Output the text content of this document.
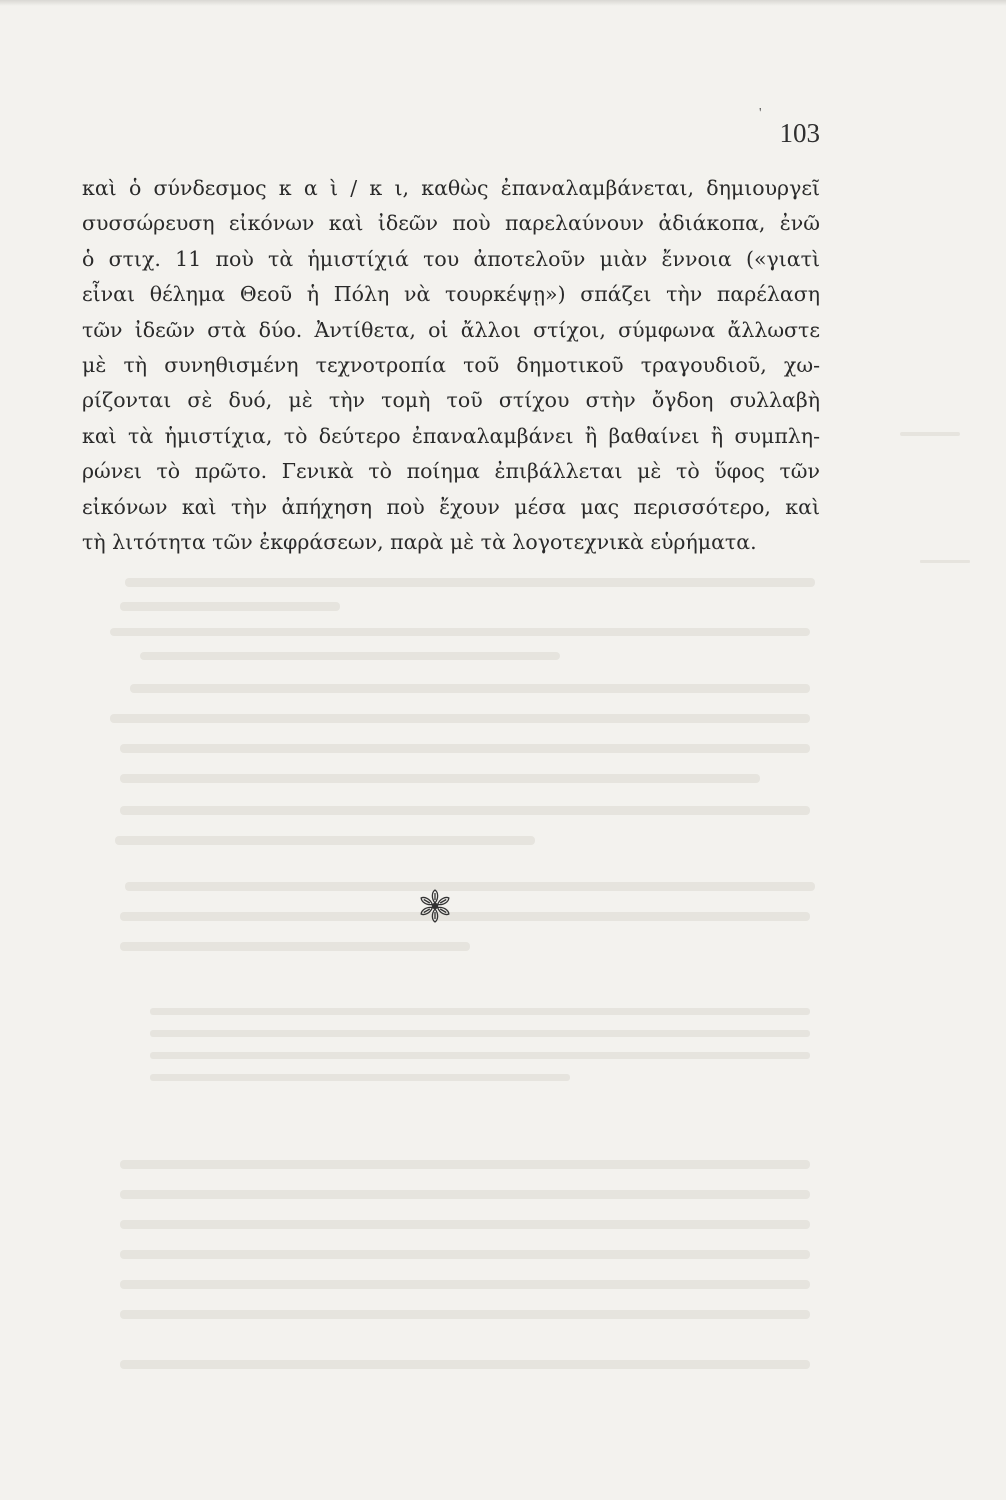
'
103
καὶ ὁ σύνδεσμος κ α ὶ / κ ι, καθὼς ἐπαναλαμβάνεται, δημιουργεῖ
συσσώρευση εἰκόνων καὶ ἰδεῶν ποὺ παρελαύνουν ἀδιάκοπα, ἐνῶ
ὁ στιχ. 11 ποὺ τὰ ἡμιστίχιά του ἀποτελοῦν μιὰν ἔννοια («γιατὶ
εἶναι θέλημα Θεοῦ ἡ Πόλη νὰ τουρκέψῃ») σπάζει τὴν παρέλαση
τῶν ἰδεῶν στὰ δύο. Ἀντίθετα, οἱ ἄλλοι στίχοι, σύμφωνα ἄλλωστε
μὲ τὴ συνηθισμένη τεχνοτροπία τοῦ δημοτικοῦ τραγουδιοῦ, χω-
ρίζονται σὲ δυό, μὲ τὴν τομὴ τοῦ στίχου στὴν ὄγδοη συλλαβὴ
καὶ τὰ ἡμιστίχια, τὸ δεύτερο ἐπαναλαμβάνει ἢ βαθαίνει ἢ συμπλη-
ρώνει τὸ πρῶτο. Γενικὰ τὸ ποίημα ἐπιβάλλεται μὲ τὸ ὕφος τῶν
εἰκόνων καὶ τὴν ἀπήχηση ποὺ ἔχουν μέσα μας περισσότερο, καὶ
τὴ λιτότητα τῶν ἐκφράσεων, παρὰ μὲ τὰ λογοτεχνικὰ εὑρήματα.
